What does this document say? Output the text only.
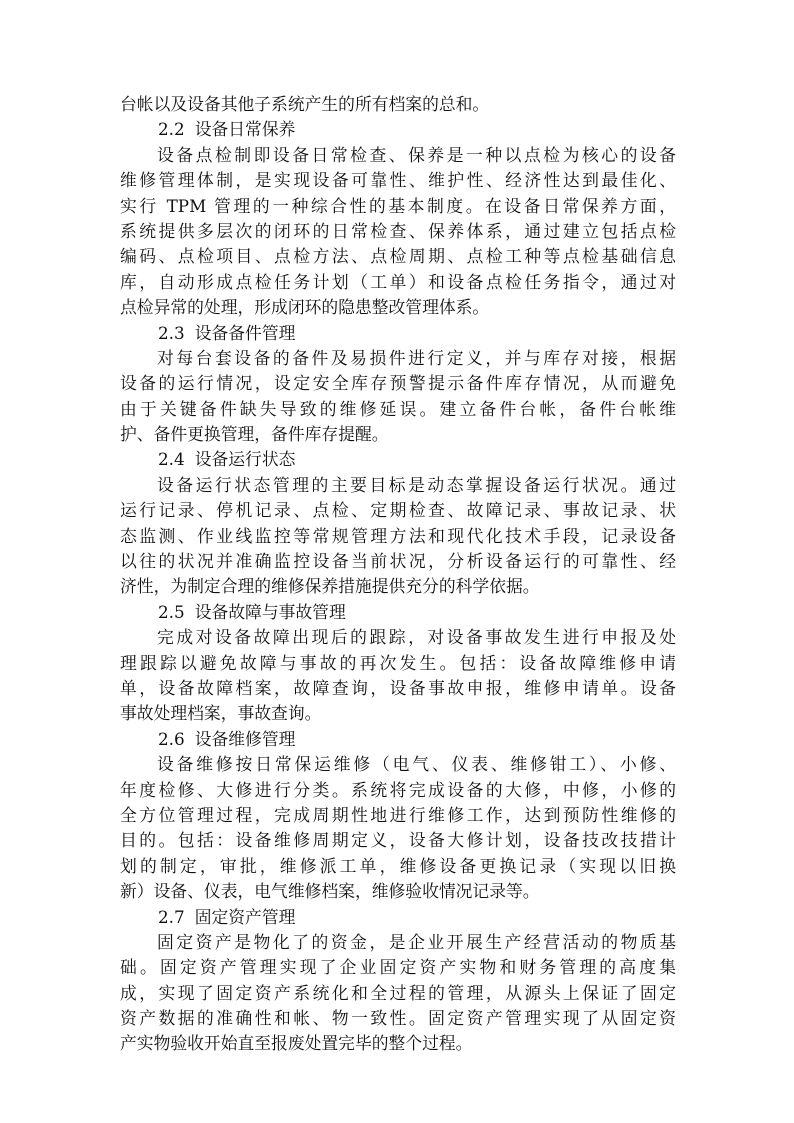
台帐以及设备其他子系统产生的所有档案的总和。

2.2 设备日常保养

设备点检制即设备日常检查、保养是一种以点检为核心的设备

维修管理体制，是实现设备可靠性、维护性、经济性达到最佳化、

实行 TPM 管理的一种综合性的基本制度。在设备日常保养方面，

系统提供多层次的闭环的日常检查、保养体系，通过建立包括点检

编码、点检项目、点检方法、点检周期、点检工种等点检基础信息

库，自动形成点检任务计划（工单）和设备点检任务指令，通过对

点检异常的处理，形成闭环的隐患整改管理体系。

2.3 设备备件管理

对每台套设备的备件及易损件进行定义，并与库存对接，根据

设备的运行情况，设定安全库存预警提示备件库存情况，从而避免

由于关键备件缺失导致的维修延误。建立备件台帐，备件台帐维

护、备件更换管理，备件库存提醒。

2.4 设备运行状态

设备运行状态管理的主要目标是动态掌握设备运行状况。通过

运行记录、停机记录、点检、定期检查、故障记录、事故记录、状

态监测、作业线监控等常规管理方法和现代化技术手段，记录设备

以往的状况并准确监控设备当前状况，分析设备运行的可靠性、经

济性，为制定合理的维修保养措施提供充分的科学依据。

2.5 设备故障与事故管理

完成对设备故障出现后的跟踪，对设备事故发生进行申报及处

理跟踪以避免故障与事故的再次发生。包括：设备故障维修申请

单，设备故障档案，故障查询，设备事故申报，维修申请单。设备

事故处理档案，事故查询。

2.6 设备维修管理

设备维修按日常保运维修（电气、仪表、维修钳工）、小修、

年度检修、大修进行分类。系统将完成设备的大修，中修，小修的

全方位管理过程，完成周期性地进行维修工作，达到预防性维修的

目的。包括：设备维修周期定义，设备大修计划，设备技改技措计

划的制定，审批，维修派工单，维修设备更换记录（实现以旧换

新）设备、仪表，电气维修档案，维修验收情况记录等。

2.7 固定资产管理

固定资产是物化了的资金，是企业开展生产经营活动的物质基

础。固定资产管理实现了企业固定资产实物和财务管理的高度集

成，实现了固定资产系统化和全过程的管理，从源头上保证了固定

资产数据的准确性和帐、物一致性。固定资产管理实现了从固定资

产实物验收开始直至报废处置完毕的整个过程。
